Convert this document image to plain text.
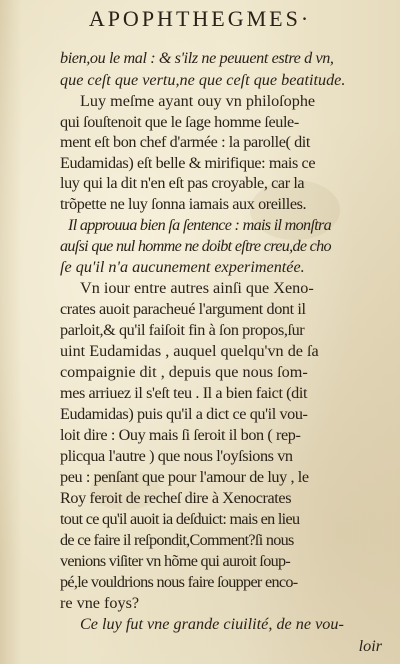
APOPHTHEGMES·
bien,ou le mal : & s'ilz ne peuuent estre d vn,
que ceſt que vertu,ne que ceſt que beatitude.
Luy meſme ayant ouy vn philoſophe
qui ſouſtenoit que le ſage homme ſeule-
ment eſt bon chef d'armée : la parolle( dit
Eudamidas) eſt belle & mirifique: mais ce
luy qui la dit n'en eſt pas croyable, car la
trõpette ne luy ſonna iamais aux oreilles.
Il approuua bien ſa ſentence : mais il monſtra
auſsi que nul homme ne doibt eſtre creu,de cho
ſe qu'il n'a aucunement experimentée.
Vn iour entre autres ainſi que Xeno-
crates auoit paracheué l'argument dont il
parloit,& qu'il faiſoit fin à ſon propos,ſur
uint Eudamidas , auquel quelqu'vn de ſa
compaignie dit , depuis que nous ſom-
mes arriuez il s'eſt teu . Il a bien faict (dit
Eudamidas) puis qu'il a dict ce qu'il vou-
loit dire : Ouy mais ſi ſeroit il bon ( rep-
plicqua l'autre ) que nous l'oyſsions vn
peu : penſant que pour l'amour de luy , le
Roy feroit de recheſ dire à Xenocrates
tout ce qu'il auoit ia deſduict: mais en lieu
de ce faire il reſpondit,Comment?ſi nous
venions viſiter vn hõme qui auroit ſoup-
pé,le vouldrions nous faire ſoupper enco-
re vne foys?
Ce luy fut vne grande ciuilité, de ne vou-
loir
